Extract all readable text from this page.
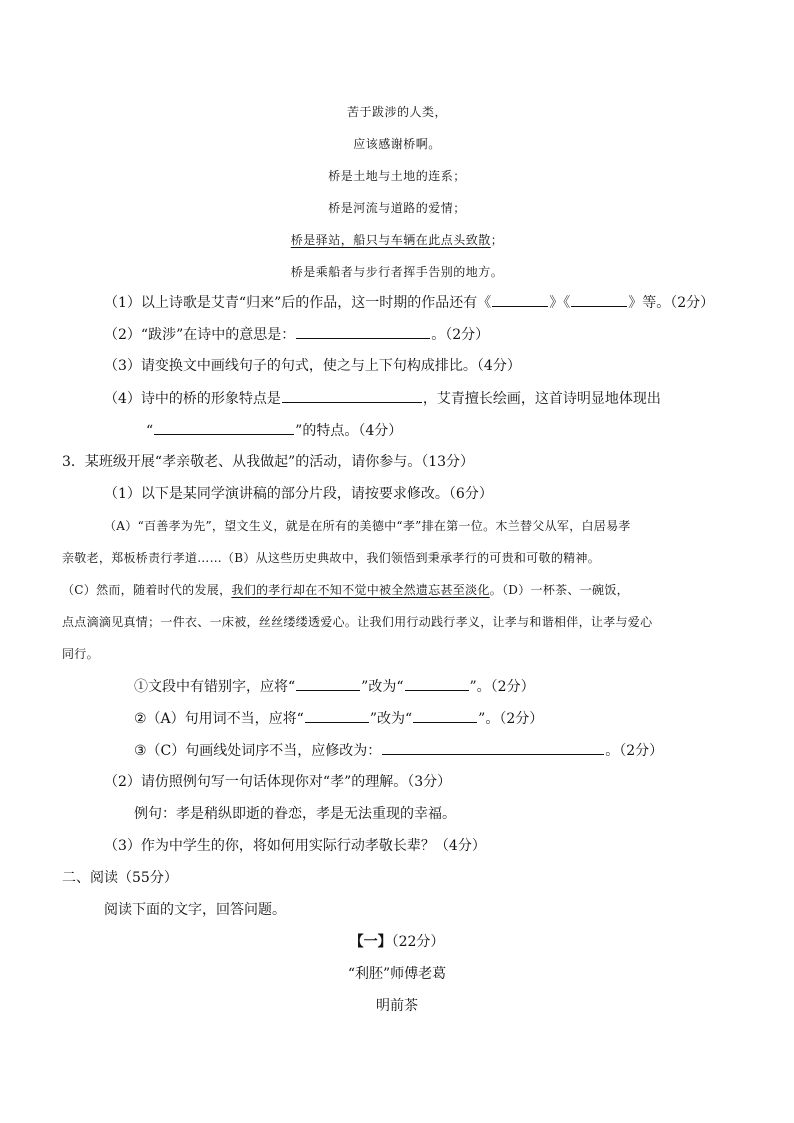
苦于跋涉的人类，
应该感谢桥啊。
桥是土地与土地的连系；
桥是河流与道路的爱情；
桥是驿站，船只与车辆在此点头致散；
桥是乘船者与步行者挥手告别的地方。
（1）以上诗歌是艾青“归来”后的作品，这一时期的作品还有《	》《	》等。（2分）
（2）“跋涉”在诗中的意思是：	。（2分）
（3）请变换文中画线句子的句式，使之与上下句构成排比。（4分）
（4）诗中的桥的形象特点是	，艾青擅长绘画，这首诗明显地体现出
“	”的特点。（4分）
3．某班级开展“孝亲敬老、从我做起”的活动，请你参与。（13分）
（1）以下是某同学演讲稿的部分片段，请按要求修改。（6分）
（A）“百善孝为先”，望文生义，就是在所有的美德中“孝”排在第一位。木兰替父从军，白居易孝
亲敬老，郑板桥责行孝道……（B）从这些历史典故中，我们领悟到秉承孝行的可贵和可敬的精神。
（C）然而，随着时代的发展，我们的孝行却在不知不觉中被全然遗忘甚至淡化。（D）一杯茶、一碗饭，
点点滴滴见真情；一件衣、一床被，丝丝缕缕透爱心。让我们用行动践行孝义，让孝与和谐相伴，让孝与爱心
同行。
①文段中有错别字，应将“	”改为“	”。（2分）
②（A）句用词不当，应将“	”改为“	”。（2分）
③（C）句画线处词序不当，应修改为：	。（2分）
（2）请仿照例句写一句话体现你对“孝”的理解。（3分）
例句：孝是稍纵即逝的眷恋，孝是无法重现的幸福。
（3）作为中学生的你，将如何用实际行动孝敬长辈？（4分）
二、阅读（55分）
阅读下面的文字，回答问题。
【一】（22分）
“利胚”师傅老葛
明前茶
